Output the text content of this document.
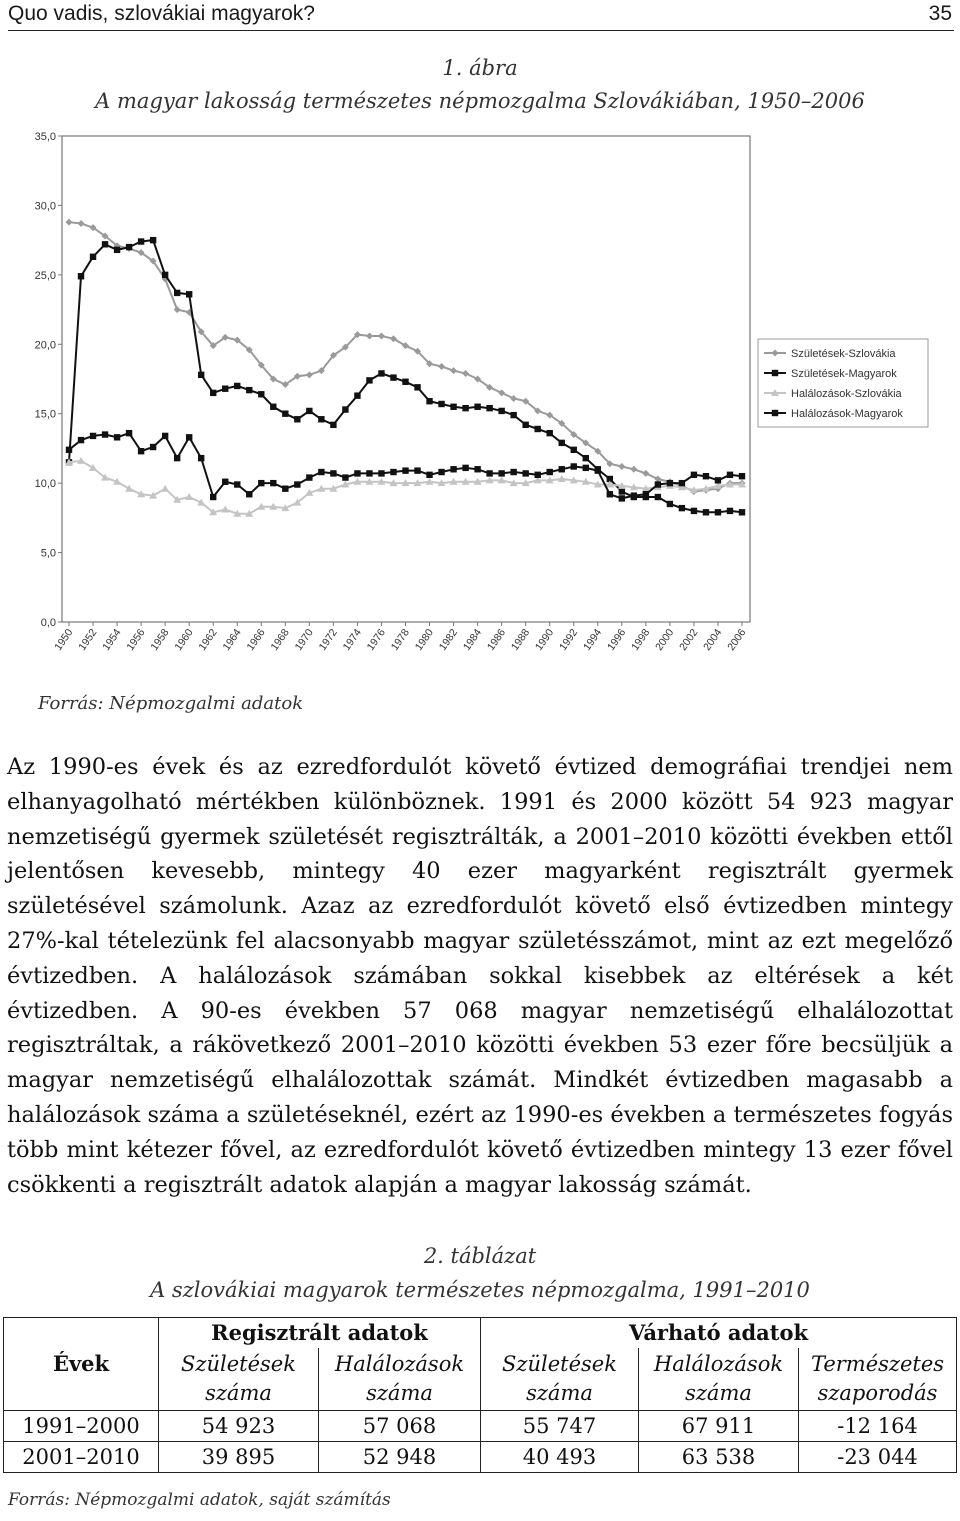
Quo vadis, szlovákiai magyarok?	35
1. ábra
A magyar lakosság természetes népmozgalma Szlovákiában, 1950–2006
0,0
5,0
10,0
15,0
20,0
25,0
30,0
35,0
1950 1952 1954 1956 1958 1960 1962 1964 1966 1968 1970 1972 1974 1976 1978 1980 1982 1984 1986 1988 1990 1992 1994 1996 1998 2000 2002 2004 2006
Születések-Szlovákia
Születések-Magyarok
Halálozások-Szlovákia
Halálozások-Magyarok
Forrás: Népmozgalmi adatok
Az 1990-es évek és az ezredfordulót követő évtized demográfiai trendjei nem elhanyagolható mértékben különböznek. 1991 és 2000 között 54 923 magyar nemzetiségű gyermek születését regisztrálták, a 2001–2010 közötti években ettől jelentősen kevesebb, mintegy 40 ezer magyarként regisztrált gyermek születésével számolunk. Azaz az ezredfordulót követő első évtizedben mintegy 27%-kal tételezünk fel alacsonyabb magyar születésszámot, mint az ezt megelőző évtizedben. A halálozások számában sokkal kisebbek az eltérések a két évtizedben. A 90-es években 57 068 magyar nemzetiségű elhalálozottat regisztráltak, a rákövetkező 2001–2010 közötti években 53 ezer főre becsüljük a magyar nemzetiségű elhalálozottak számát. Mindkét évtizedben magasabb a halálozások száma a születéseknél, ezért az 1990-es években a természetes fogyás több mint kétezer fővel, az ezredfordulót követő évtizedben mintegy 13 ezer fővel csökkenti a regisztrált adatok alapján a magyar lakosság számát.
2. táblázat
A szlovákiai magyarok természetes népmozgalma, 1991–2010
Évek	Regisztrált adatok		Várható adatok		
	Születések
száma	Halálozások
száma	Születések
száma	Halálozások
száma	Természetes
szaporodás
1991–2000	54 923	57 068	55 747	67 911	-12 164
2001–2010	39 895	52 948	40 493	63 538	-23 044
Forrás: Népmozgalmi adatok, saját számítás
